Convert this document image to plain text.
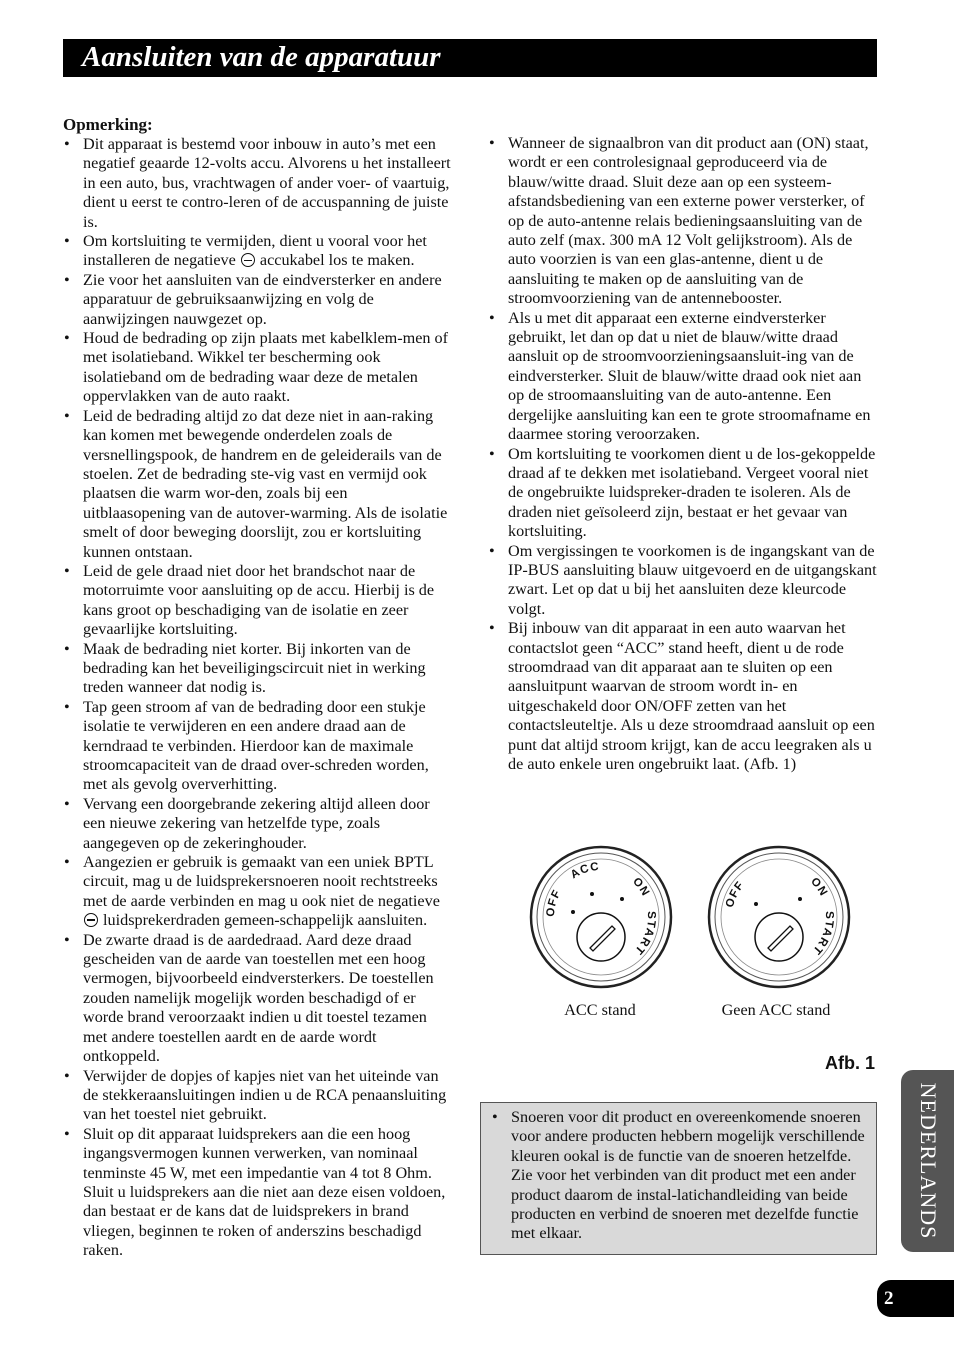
Aansluiten van de apparatuur
Opmerking:
• Dit apparaat is bestemd voor inbouw in auto’s met een negatief geaarde 12-volts accu. Alvorens u het installeert in een auto, bus, vrachtwagen of ander voer- of vaartuig, dient u eerst te contro-leren of de accuspanning de juiste is.
• Om kortsluiting te vermijden, dient u vooral voor het installeren de negatieve accukabel los te maken.
• Zie voor het aansluiten van de eindversterker en andere apparatuur de gebruiksaanwijzing en volg de aanwijzingen nauwgezet op.
• Houd de bedrading op zijn plaats met kabelklem-men of met isolatieband. Wikkel ter bescherming ook isolatieband om de bedrading waar deze de metalen oppervlakken van de auto raakt.
• Leid de bedrading altijd zo dat deze niet in aan-raking kan komen met bewegende onderdelen zoals de versnellingspook, de handrem en de geleiderails van de stoelen. Zet de bedrading ste-vig vast en vermijd ook plaatsen die warm wor-den, zoals bij een uitblaasopening van de autover-warming. Als de isolatie smelt of door beweging doorslijt, zou er kortsluiting kunnen ontstaan.
• Leid de gele draad niet door het brandschot naar de motorruimte voor aansluiting op de accu. Hierbij is de kans groot op beschadiging van de isolatie en zeer gevaarlijke kortsluiting.
• Maak de bedrading niet korter. Bij inkorten van de bedrading kan het beveiligingscircuit niet in werking treden wanneer dat nodig is.
• Tap geen stroom af van de bedrading door een stukje isolatie te verwijderen en een andere draad aan de kerndraad te verbinden. Hierdoor kan de maximale stroomcapaciteit van de draad over-schreden worden, met als gevolg oververhitting.
• Vervang een doorgebrande zekering altijd alleen door een nieuwe zekering van hetzelfde type, zoals aangegeven op de zekeringhouder.
• Aangezien er gebruik is gemaakt van een uniek BPTL circuit, mag u de luidsprekersnoeren nooit rechtstreeks met de aarde verbinden en mag u ook niet de negatieve  luidsprekerdraden gemeen-schappelijk aansluiten.
• De zwarte draad is de aardedraad. Aard deze draad gescheiden van de aarde van toestellen met een hoog vermogen, bijvoorbeeld eindversterkers. De toestellen zouden namelijk mogelijk worden beschadigd of er worde brand veroorzaakt indien u dit toestel tezamen met andere toestellen aardt en de aarde wordt ontkoppeld.
• Verwijder de dopjes of kapjes niet van het uiteinde van de stekkeraansluitingen indien u de RCA penaansluiting van het toestel niet gebruikt.
• Sluit op dit apparaat luidsprekers aan die een hoog ingangsvermogen kunnen verwerken, van nominaal tenminste 45 W, met een impedantie van 4 tot 8 Ohm. Sluit u luidsprekers aan die niet aan deze eisen voldoen, dan bestaat er de kans dat de luidsprekers in brand vliegen, beginnen te roken of anderszins beschadigd raken.
• Wanneer de signaalbron van dit product aan (ON) staat, wordt er een controlesignaal geproduceerd via de blauw/witte draad. Sluit deze aan op een systeem-afstandsbediening van een externe power versterker, of op de auto-antenne relais bedieningsaansluiting van de auto zelf (max. 300 mA 12 Volt gelijkstroom). Als de auto voorzien is van een glas-antenne, dient u de aansluiting te maken op de aansluiting van de stroomvoorziening van de antennebooster.
• Als u met dit apparaat een externe eindversterker gebruikt, let dan op dat u niet de blauw/witte draad aansluit op de stroomvoorzieningsaansluit-ing van de eindversterker. Sluit de blauw/witte draad ook niet aan op de stroomaansluiting van de auto-antenne. Een dergelijke aansluiting kan een te grote stroomafname en daarmee storing veroorzaken.
• Om kortsluiting te voorkomen dient u de los-gekoppelde draad af te dekken met isolatieband. Vergeet vooral niet de ongebruikte luidspreker-draden te isoleren. Als de draden niet geïsoleerd zijn, bestaat er het gevaar van kortsluiting.
• Om vergissingen te voorkomen is de ingangskant van de IP-BUS aansluiting blauw uitgevoerd en de uitgangskant zwart. Let op dat u bij het aansluiten deze kleurcode volgt.
• Bij inbouw van dit apparaat in een auto waarvan het contactslot geen “ACC” stand heeft, dient u de rode stroomdraad van dit apparaat aan te sluiten op een aansluitpunt waarvan de stroom wordt in- en uitgeschakeld door ON/OFF zetten van het contactsleuteltje. Als u deze stroomdraad aansluit op een punt dat altijd stroom krijgt, kan de accu leegraken als u de auto enkele uren ongebruikt laat. (Afb. 1)
OFF
ACC
ON
START
OFF	ON
START
ACC stand	Geen ACC stand
Afb. 1
• Snoeren voor dit product en overeenkomende snoeren voor andere producten hebbern mogelijk verschillende kleuren ookal is de functie van de snoeren hetzelfde. Zie voor het verbinden van dit product met een ander product daarom de instal-latichandleiding van beide producten en verbind de snoeren met dezelfde functie met elkaar.	NEDERLANDS
2
